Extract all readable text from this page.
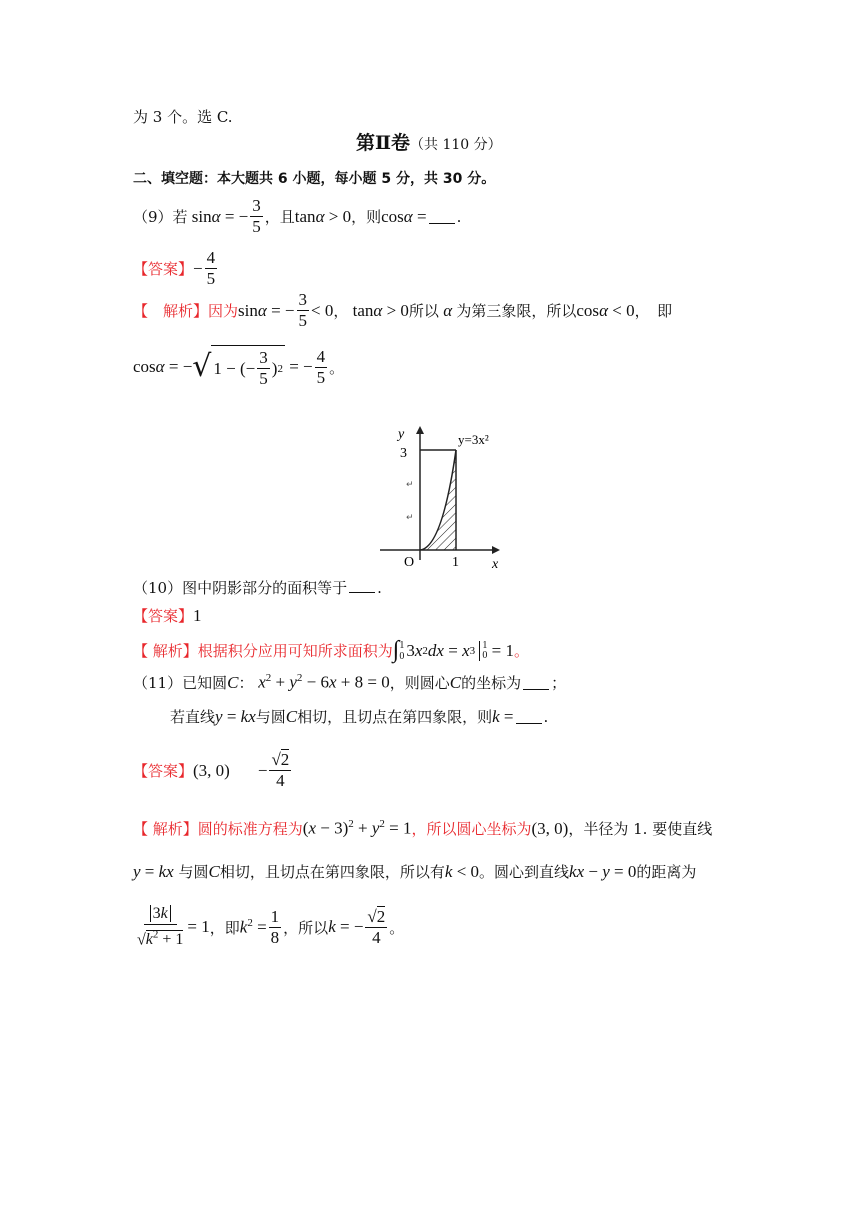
为 3 个。选 C.
第Ⅱ卷（共 110 分）
二、填空题：本大题共 6 小题，每小题 5 分，共 30 分。
（9）若 sinα = − $\frac{3}{5}$ ，且 tanα > 0 ，则 cosα = .
【答案】 − $\frac{4}{5}$
【　解析】 因为 sinα = − $\frac{3}{5} < 0$ ， tanα > 0 所以 α 为第三象限，所以 cosα < 0 ，　即
cosα = − √ 1 − (− $\frac{3}{5}$ ) 2 = − $\frac{4}{5}$ 。
↵
↵
y
3
y=3x²
O	1 x
（10）图中阴影部分的面积等于 .
【答案】1
【 解析】 根据积分应用可知所求面积为 ∫ 1
0 3 x 2 dx = x 3
1
0 = 1 。
（11）已知圆 C ： $x^2 + y^2 - 6x + 8 = 0$ ，则圆心 C 的坐标为 ；
若直线 y = kx 与圆 C 相切，且切点在第四象限，则 k = .
【答案】 (3, $0) - \frac{√2}{4}$
【 解析】 圆的标准方程为 $(x - 3)^2 + y^2 = 1$ ，所以圆心坐标为 (3, 0) ，半径为 1. 要使直线
y = kx
与圆 C 相切，且切点在第四象限，所以有 k < 0 。圆心到直线 kx − y = 0 的距离为
$\frac{3k}{√k^2 + 1} = 1$ ，即 $k^2 = \frac{1}{8}$ ，所以 k = − $\frac{√2}{4}$ 。
